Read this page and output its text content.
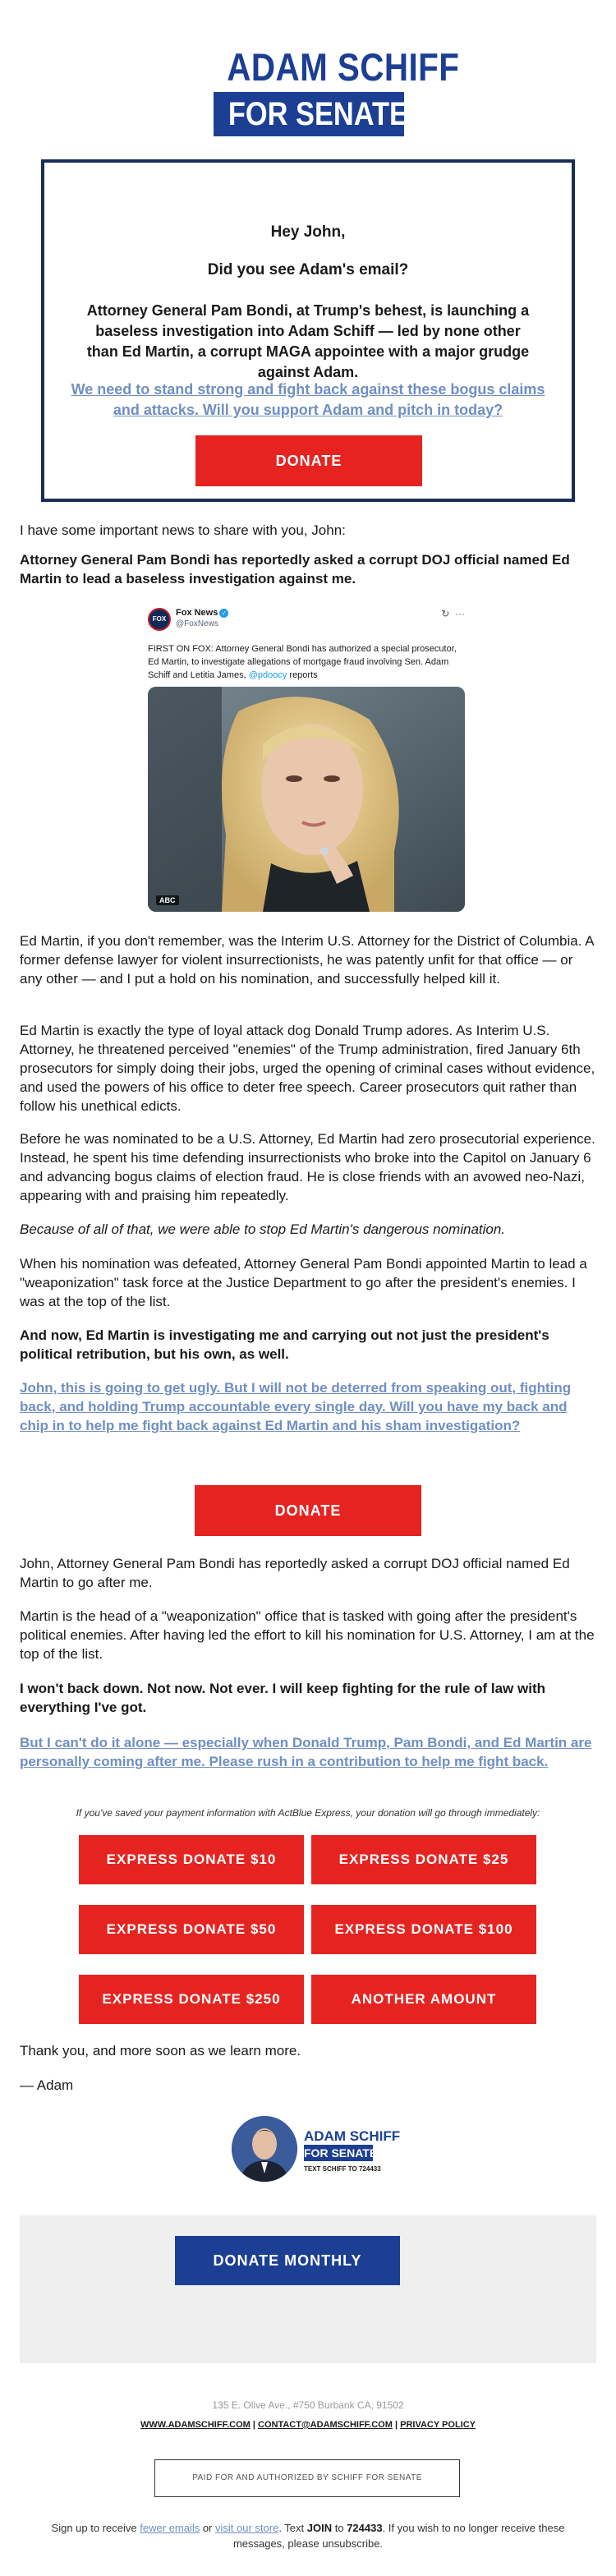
ADAM SCHIFF
FOR SENATE
Hey John,
Did you see Adam's email?
Attorney General Pam Bondi, at Trump's behest, is launching a baseless investigation into Adam Schiff — led by none other than Ed Martin, a corrupt MAGA appointee with a major grudge against Adam.
We need to stand strong and fight back against these bogus claims and attacks. Will you support Adam and pitch in today?
DONATE
I have some important news to share with you, John:
Attorney General Pam Bondi has reportedly asked a corrupt DOJ official named Ed Martin to lead a baseless investigation against me.
FOX
Fox News ✓
@FoxNews
↻ ···
FIRST ON FOX: Attorney General Bondi has authorized a special prosecutor, Ed Martin, to investigate allegations of mortgage fraud involving Sen. Adam Schiff and Letitia James, @pdoocy reports
ABC
Ed Martin, if you don't remember, was the Interim U.S. Attorney for the District of Columbia. A former defense lawyer for violent insurrectionists, he was patently unfit for that office — or any other — and I put a hold on his nomination, and successfully helped kill it.
Ed Martin is exactly the type of loyal attack dog Donald Trump adores. As Interim U.S. Attorney, he threatened perceived "enemies" of the Trump administration, fired January 6th prosecutors for simply doing their jobs, urged the opening of criminal cases without evidence, and used the powers of his office to deter free speech. Career prosecutors quit rather than follow his unethical edicts.
Before he was nominated to be a U.S. Attorney, Ed Martin had zero prosecutorial experience. Instead, he spent his time defending insurrectionists who broke into the Capitol on January 6 and advancing bogus claims of election fraud. He is close friends with an avowed neo-Nazi, appearing with and praising him repeatedly.
Because of all of that, we were able to stop Ed Martin's dangerous nomination.
When his nomination was defeated, Attorney General Pam Bondi appointed Martin to lead a "weaponization" task force at the Justice Department to go after the president's enemies. I was at the top of the list.
And now, Ed Martin is investigating me and carrying out not just the president's political retribution, but his own, as well.
John, this is going to get ugly. But I will not be deterred from speaking out, fighting back, and holding Trump accountable every single day. Will you have my back and chip in to help me fight back against Ed Martin and his sham investigation?
DONATE
John, Attorney General Pam Bondi has reportedly asked a corrupt DOJ official named Ed Martin to go after me.
Martin is the head of a "weaponization" office that is tasked with going after the president's political enemies. After having led the effort to kill his nomination for U.S. Attorney, I am at the top of the list.
I won't back down. Not now. Not ever. I will keep fighting for the rule of law with everything I've got.
But I can't do it alone — especially when Donald Trump, Pam Bondi, and Ed Martin are personally coming after me. Please rush in a contribution to help me fight back.
If you've saved your payment information with ActBlue Express, your donation will go through immediately:
EXPRESS DONATE $10	EXPRESS DONATE $25
EXPRESS DONATE $50	EXPRESS DONATE $100
EXPRESS DONATE $250	ANOTHER AMOUNT
Thank you, and more soon as we learn more.
— Adam
ADAM SCHIFF
FOR SENATE
TEXT SCHIFF TO 724433
DONATE MONTHLY
135 E. Olive Ave., #750 Burbank CA, 91502
WWW.ADAMSCHIFF.COM | CONTACT@ADAMSCHIFF.COM | PRIVACY POLICY
PAID FOR AND AUTHORIZED BY SCHIFF FOR SENATE
Sign up to receive fewer emails or visit our store. Text JOIN to 724433. If you wish to no longer receive these messages, please unsubscribe.
